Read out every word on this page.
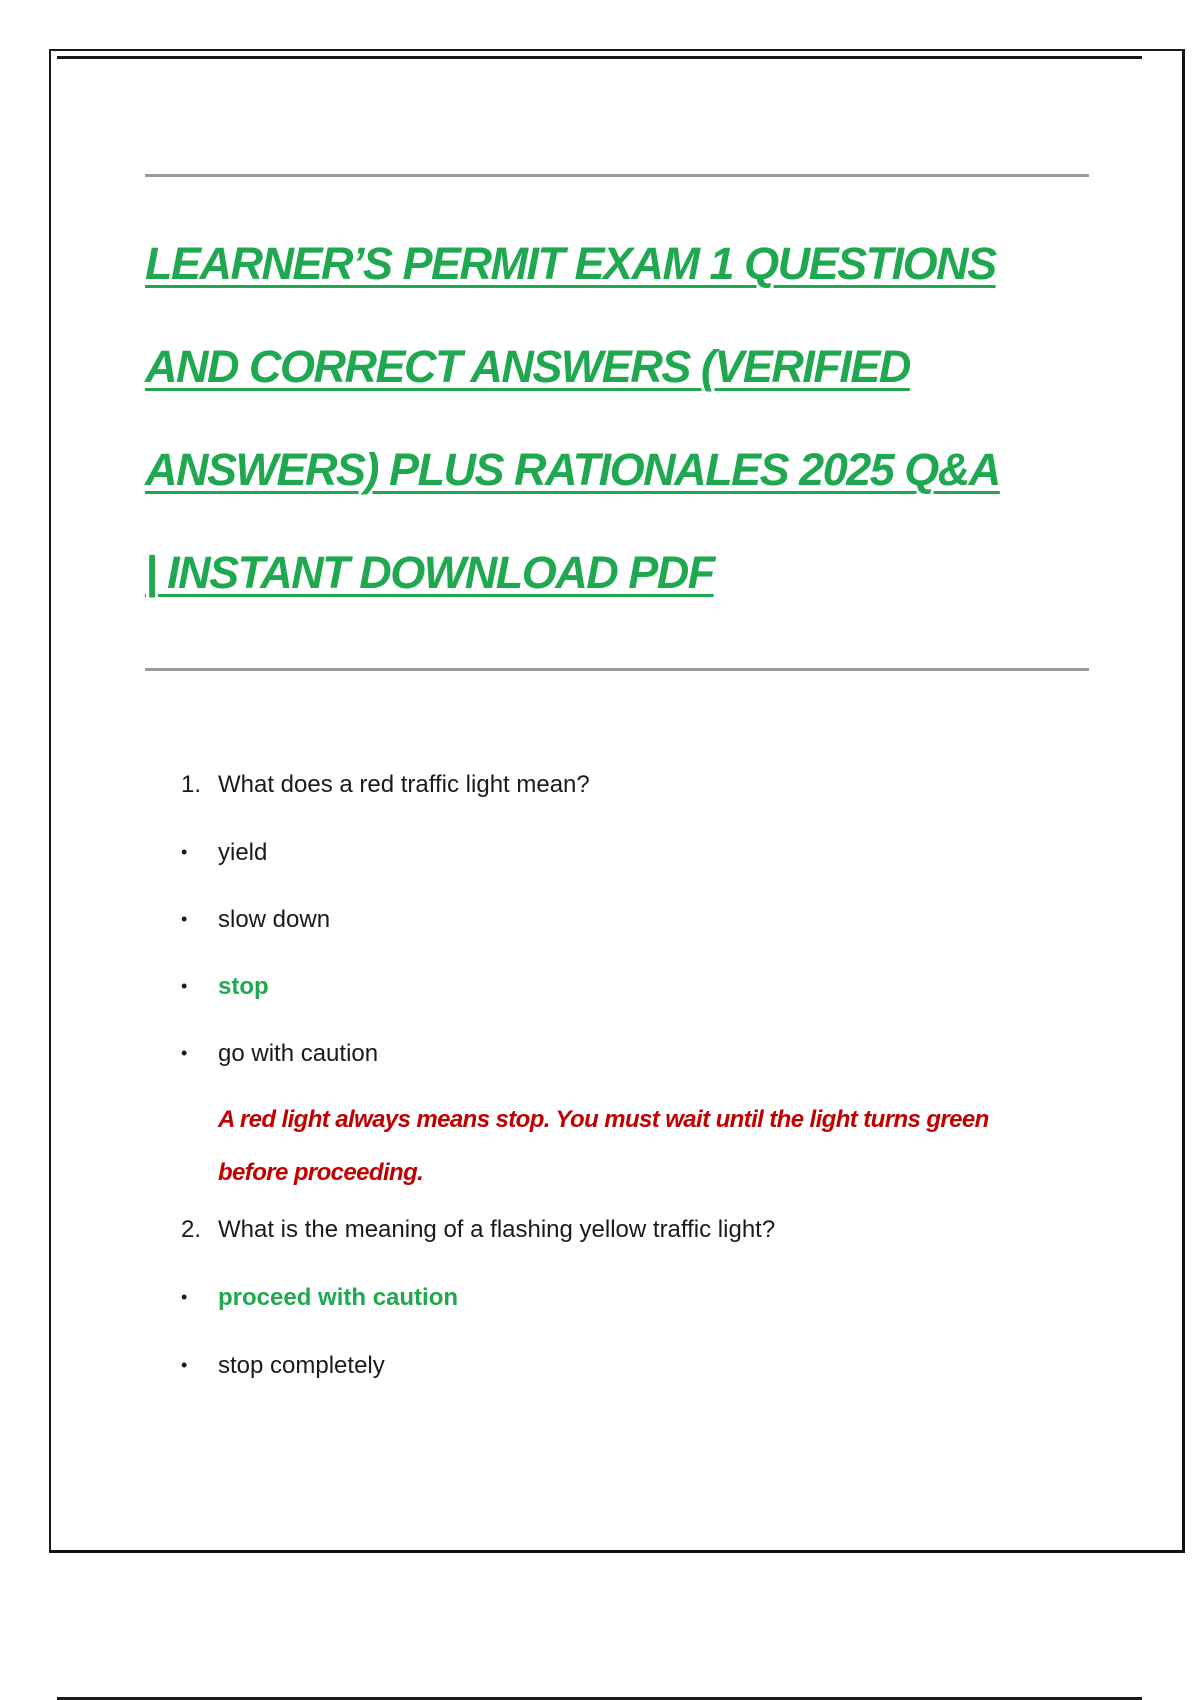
LEARNER’S PERMIT EXAM 1 QUESTIONS
AND CORRECT ANSWERS (VERIFIED
ANSWERS) PLUS RATIONALES 2025 Q&A
| INSTANT DOWNLOAD PDF
1. What does a red traffic light mean?
• yield
• slow down
• stop
• go with caution
A red light always means stop. You must wait until the light turns green before proceeding.
2. What is the meaning of a flashing yellow traffic light?
• proceed with caution
• stop completely
